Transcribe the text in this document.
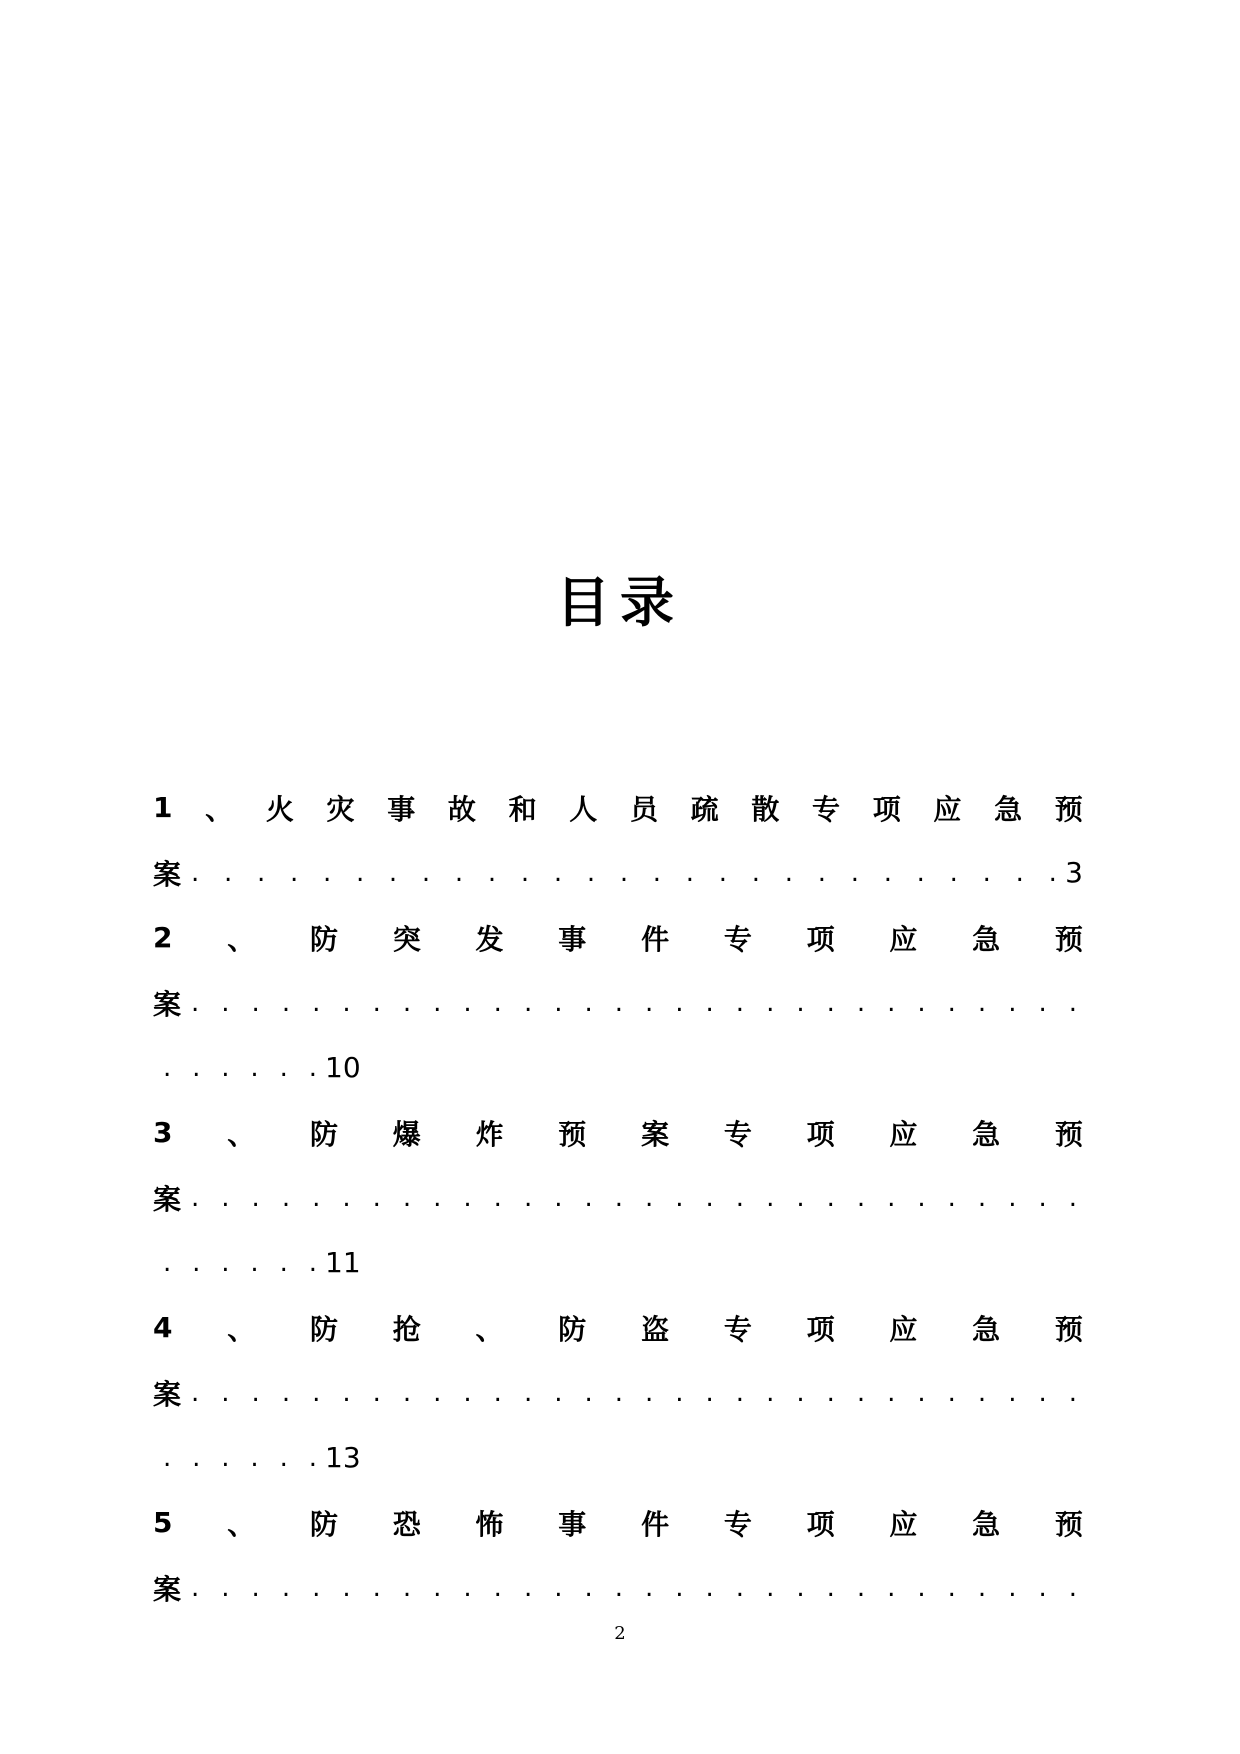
目录
1 、 火 灾 事 故 和 人 员 疏 散 专 项 应 急 预
案 . . . . . . . . . . . . . . . . . . . . . . . . . . . 3
2 、 防 突 发 事 件 专 项 应 急 预
案 . . . . . . . . . . . . . . . . . . . . . . . . . . . . . .
. . . . . . 10
3 、 防 爆 炸 预 案 专 项 应 急 预
案 . . . . . . . . . . . . . . . . . . . . . . . . . . . . . .
. . . . . . 11
4 、 防 抢 、 防 盗 专 项 应 急 预
案 . . . . . . . . . . . . . . . . . . . . . . . . . . . . . .
. . . . . . 13
5 、 防 恐 怖 事 件 专 项 应 急 预
案 . . . . . . . . . . . . . . . . . . . . . . . . . . . . . .
2
